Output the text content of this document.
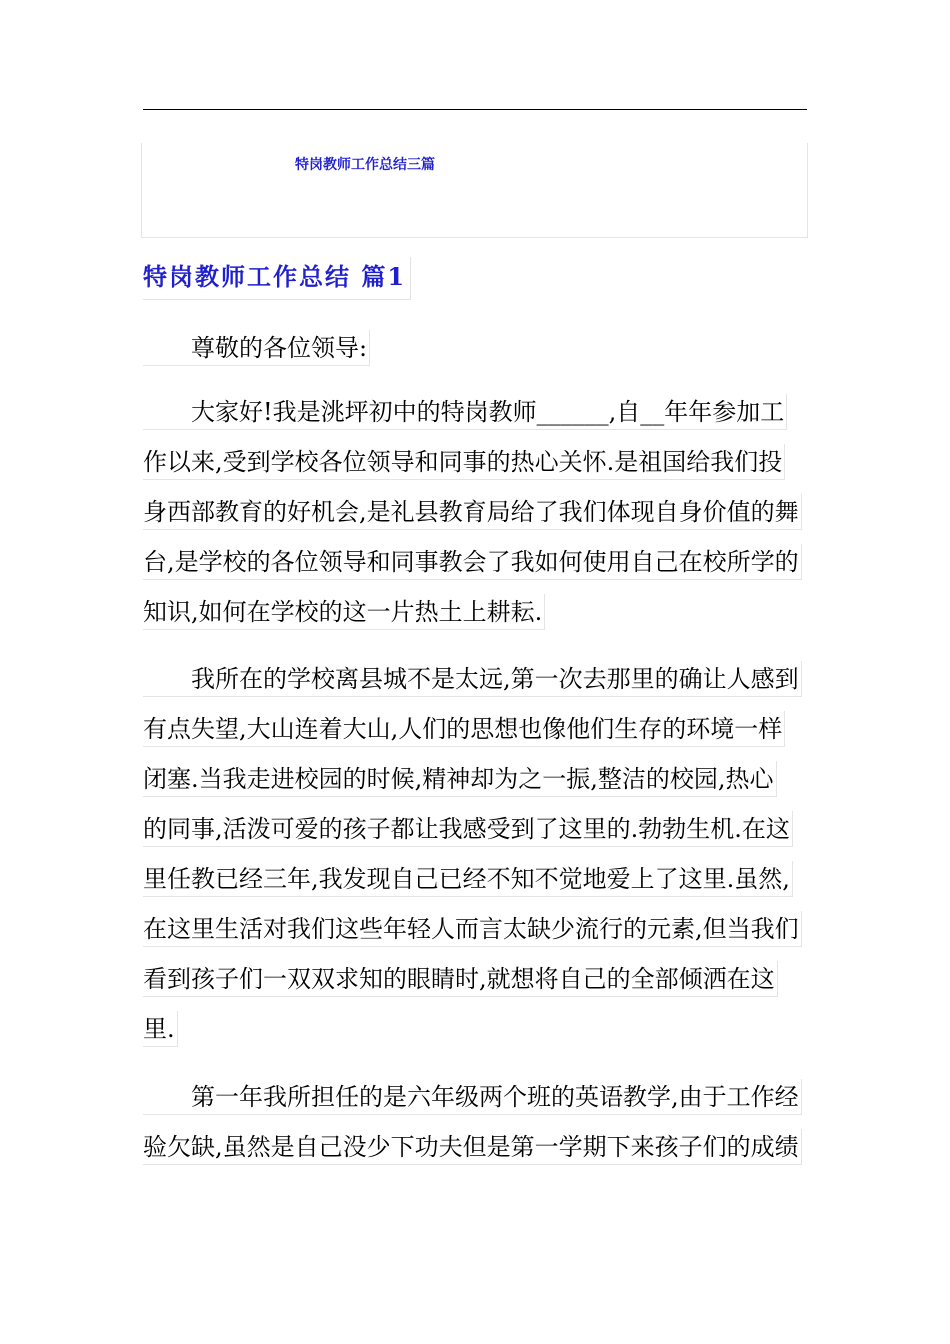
特岗教师工作总结三篇
特岗教师工作总结 篇1
尊敬的各位领导:
大家好!我是洮坪初中的特岗教师______,自__年年参加工
作以来,受到学校各位领导和同事的热心关怀.是祖国给我们投
身西部教育的好机会,是礼县教育局给了我们体现自身价值的舞
台,是学校的各位领导和同事教会了我如何使用自己在校所学的
知识,如何在学校的这一片热土上耕耘.
我所在的学校离县城不是太远,第一次去那里的确让人感到
有点失望,大山连着大山,人们的思想也像他们生存的环境一样
闭塞.当我走进校园的时候,精神却为之一振,整洁的校园,热心
的同事,活泼可爱的孩子都让我感受到了这里的.勃勃生机.在这
里任教已经三年,我发现自己已经不知不觉地爱上了这里.虽然,
在这里生活对我们这些年轻人而言太缺少流行的元素,但当我们
看到孩子们一双双求知的眼睛时,就想将自己的全部倾洒在这
里.
第一年我所担任的是六年级两个班的英语教学,由于工作经
验欠缺,虽然是自己没少下功夫但是第一学期下来孩子们的成绩
